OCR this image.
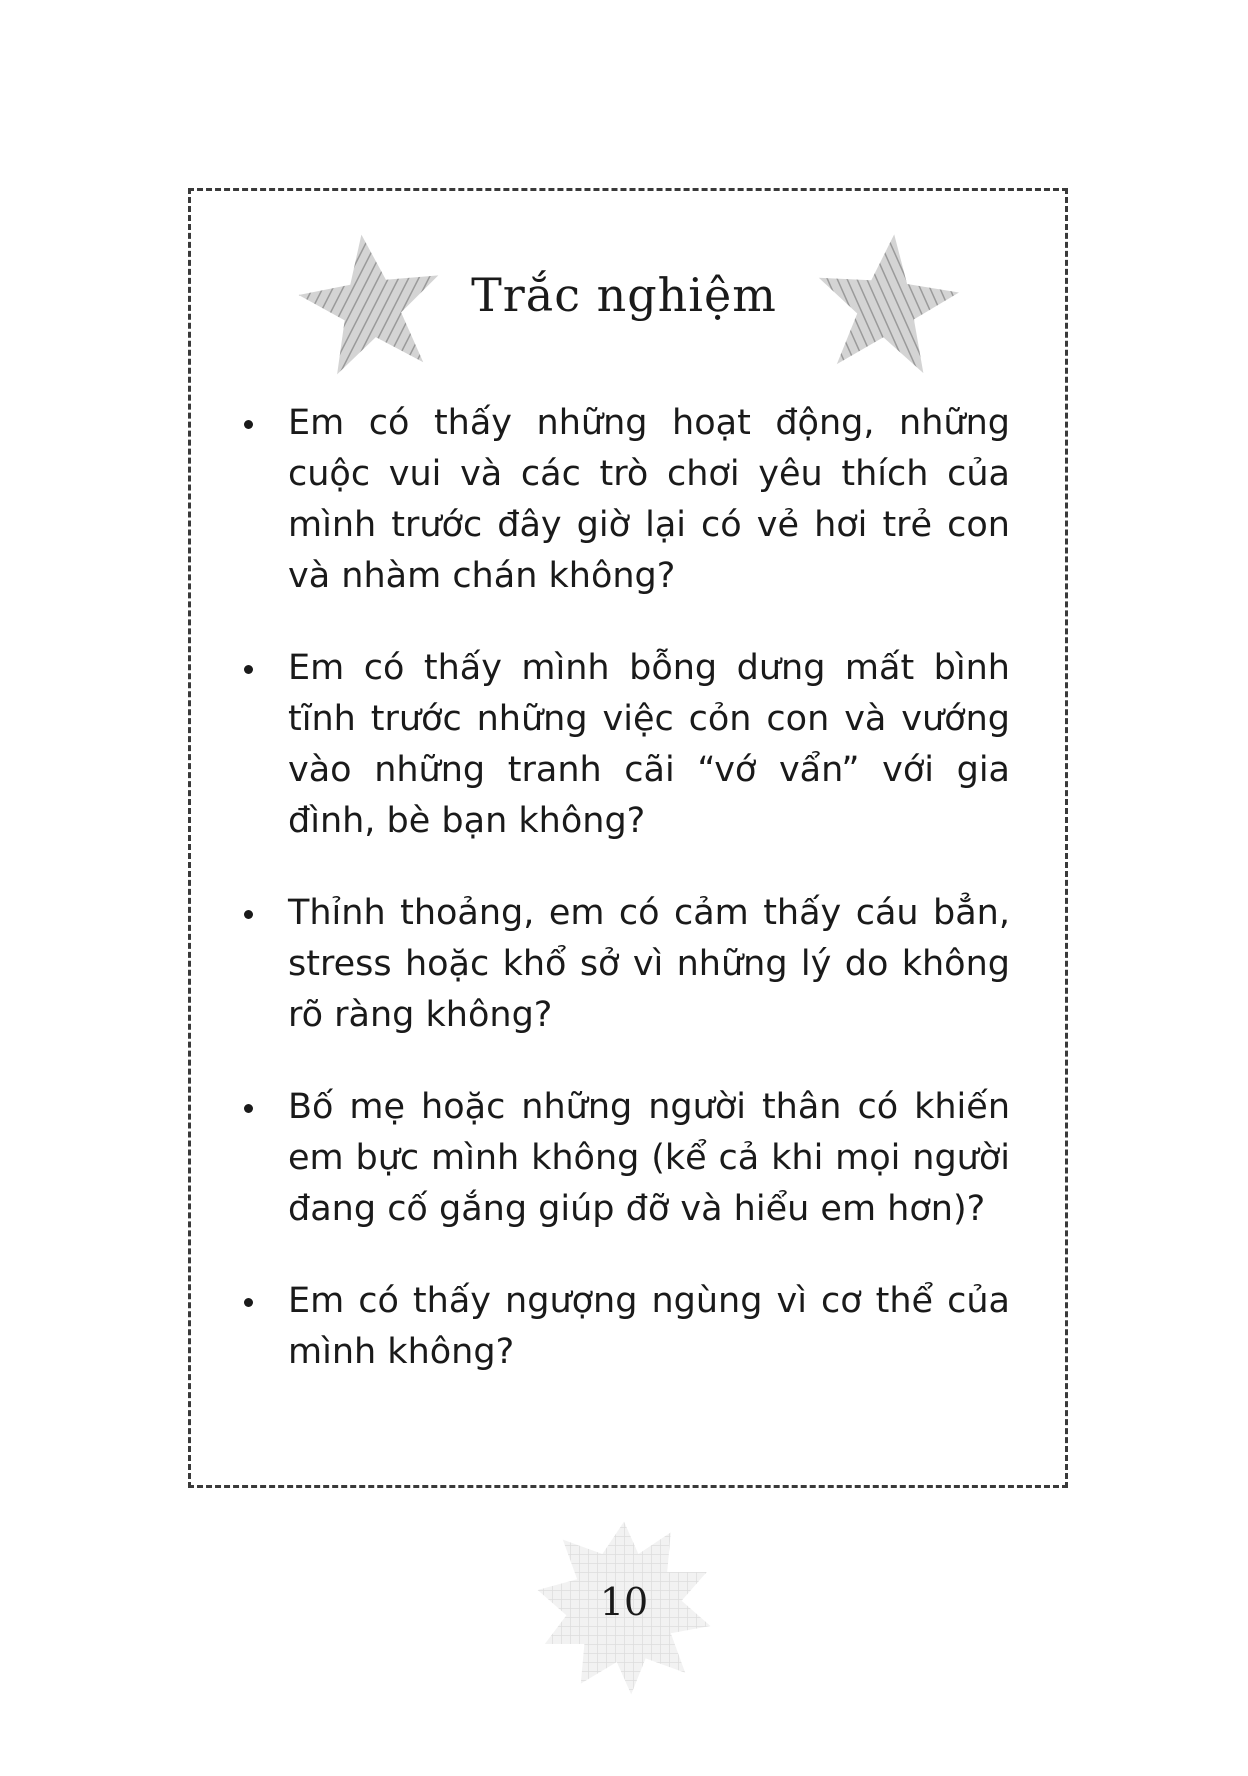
Trắc nghiệm
Em có thấy những hoạt động, những cuộc vui và các trò chơi yêu thích của mình trước đây giờ lại có vẻ hơi trẻ con và nhàm chán không?
Em có thấy mình bỗng dưng mất bình tĩnh trước những việc cỏn con và vướng vào những tranh cãi “vớ vẩn” với gia đình, bè bạn không?
Thỉnh thoảng, em có cảm thấy cáu bẳn, stress hoặc khổ sở vì những lý do không rõ ràng không?
Bố mẹ hoặc những người thân có khiến em bực mình không (kể cả khi mọi người đang cố gắng giúp đỡ và hiểu em hơn)?
Em có thấy ngượng ngùng vì cơ thể của mình không?

10
